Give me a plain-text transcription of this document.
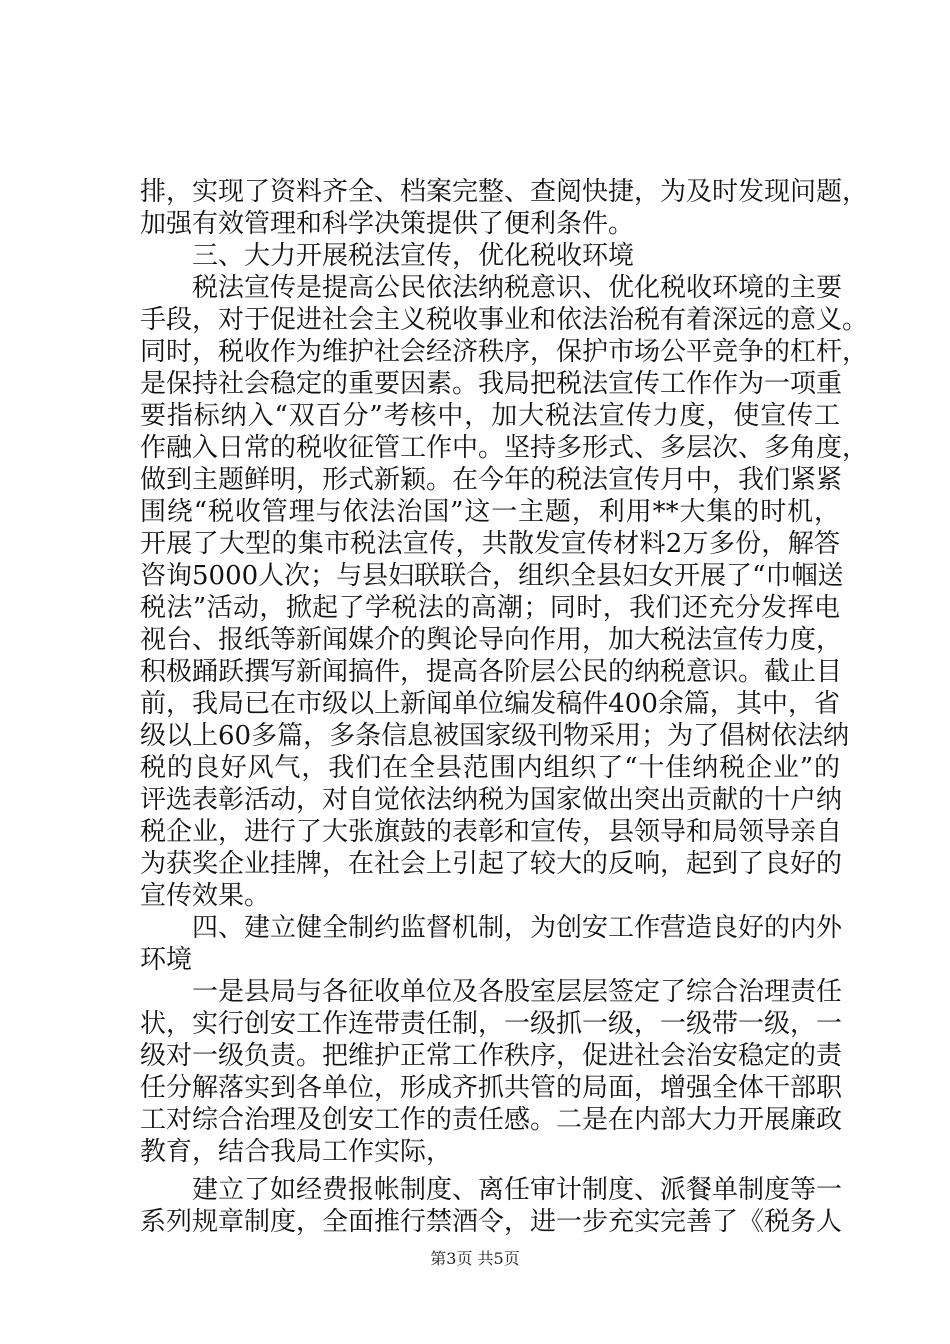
排，实现了资料齐全、档案完整、查阅快捷，为及时发现问题，
加强有效管理和科学决策提供了便利条件。
三、大力开展税法宣传，优化税收环境
税法宣传是提高公民依法纳税意识、优化税收环境的主要
手段，对于促进社会主义税收事业和依法治税有着深远的意义。
同时，税收作为维护社会经济秩序，保护市场公平竞争的杠杆，
是保持社会稳定的重要因素。我局把税法宣传工作作为一项重
要指标纳入“双百分”考核中，加大税法宣传力度，使宣传工
作融入日常的税收征管工作中。坚持多形式、多层次、多角度，
做到主题鲜明，形式新颖。在今年的税法宣传月中，我们紧紧
围绕“税收管理与依法治国”这一主题，利用**大集的时机，
开展了大型的集市税法宣传，共散发宣传材料2万多份，解答
咨询5000人次；与县妇联联合，组织全县妇女开展了“巾帼送
税法”活动，掀起了学税法的高潮；同时，我们还充分发挥电
视台、报纸等新闻媒介的舆论导向作用，加大税法宣传力度，
积极踊跃撰写新闻搞件，提高各阶层公民的纳税意识。截止目
前，我局已在市级以上新闻单位编发稿件400余篇，其中，省
级以上60多篇，多条信息被国家级刊物采用；为了倡树依法纳
税的良好风气，我们在全县范围内组织了“十佳纳税企业”的
评选表彰活动，对自觉依法纳税为国家做出突出贡献的十户纳
税企业，进行了大张旗鼓的表彰和宣传，县领导和局领导亲自
为获奖企业挂牌，在社会上引起了较大的反响，起到了良好的
宣传效果。
四、建立健全制约监督机制，为创安工作营造良好的内外
环境
一是县局与各征收单位及各股室层层签定了综合治理责任
状，实行创安工作连带责任制，一级抓一级，一级带一级，一
级对一级负责。把维护正常工作秩序，促进社会治安稳定的责
任分解落实到各单位，形成齐抓共管的局面，增强全体干部职
工对综合治理及创安工作的责任感。二是在内部大力开展廉政
教育，结合我局工作实际，
建立了如经费报帐制度、离任审计制度、派餐单制度等一
系列规章制度，全面推行禁酒令，进一步充实完善了《税务人
第3页 共5页
